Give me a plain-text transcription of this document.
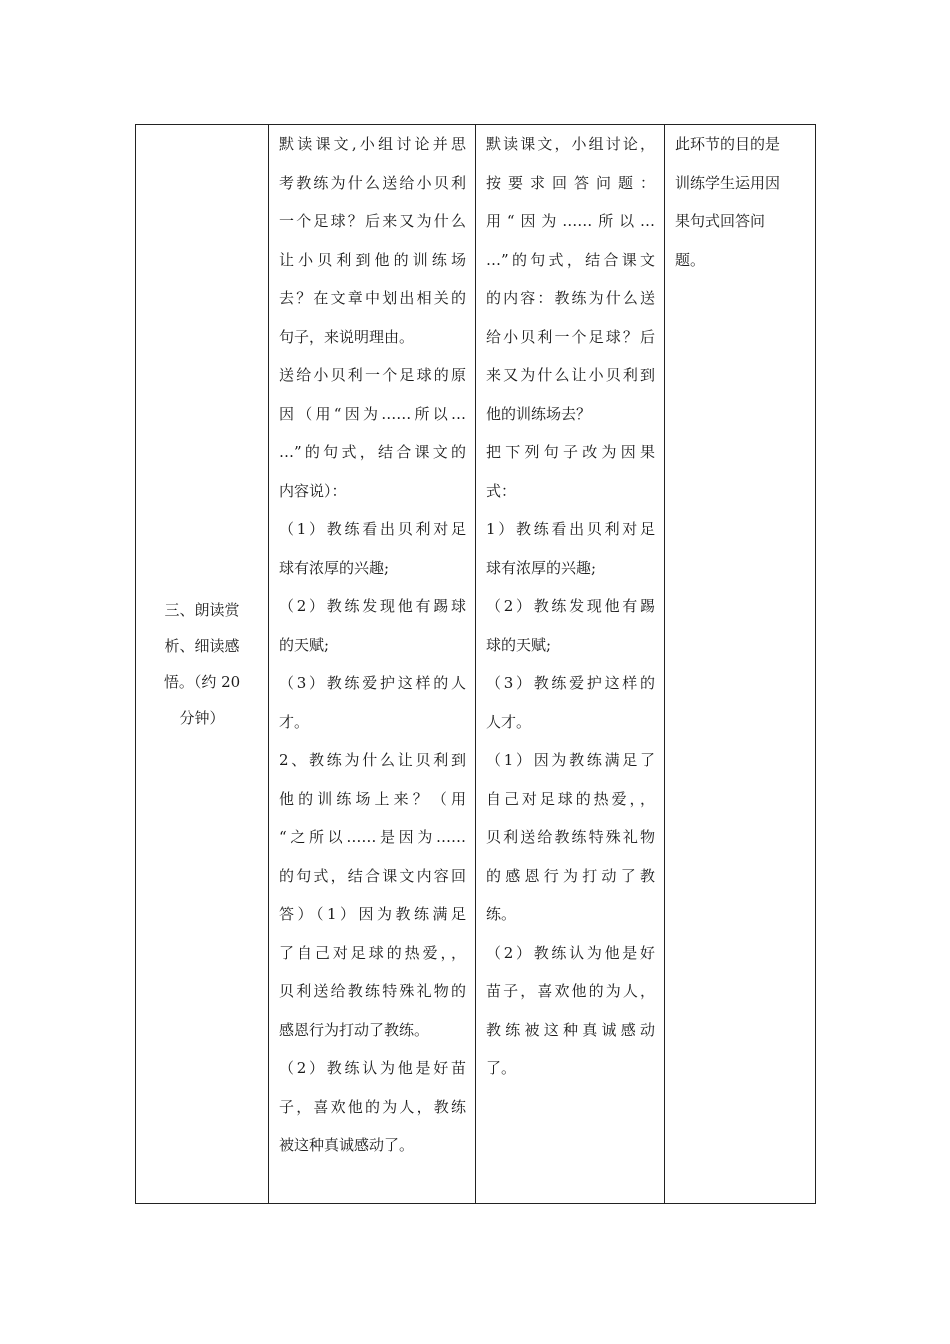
三、朗读赏析、细读感悟。（约 20 分钟）

默读课文,小组讨论并思
考教练为什么送给小贝利
一个足球？后来又为什么
让小贝利到他的训练场
去？在文章中划出相关的
句子，来说明理由。
送给小贝利一个足球的原
因（用“因为……所以…
…”的句式，结合课文的
内容说）：
（1）教练看出贝利对足
球有浓厚的兴趣;
（2）教练发现他有踢球
的天赋;
（3）教练爱护这样的人
才。
2、教练为什么让贝利到
他的训练场上来？（用
“之所以……是因为……
的句式，结合课文内容回
答）（1）因为教练满足
了自己对足球的热爱，，
贝利送给教练特殊礼物的
感恩行为打动了教练。
（2）教练认为他是好苗
子，喜欢他的为人，教练
被这种真诚感动了。

默读课文，小组讨论，
按要求回答问题：
用“因为……所以…
…”的句式，结合课文
的内容：教练为什么送
给小贝利一个足球？后
来又为什么让小贝利到
他的训练场去？
把下列句子改为因果
式：
1）教练看出贝利对足
球有浓厚的兴趣;
（2）教练发现他有踢
球的天赋;
（3）教练爱护这样的
人才。
（1）因为教练满足了
自己对足球的热爱，，
贝利送给教练特殊礼物
的感恩行为打动了教
练。
（2）教练认为他是好
苗子，喜欢他的为人，
教练被这种真诚感动
了。

此环节的目的是
训练学生运用因
果句式回答问
题。
